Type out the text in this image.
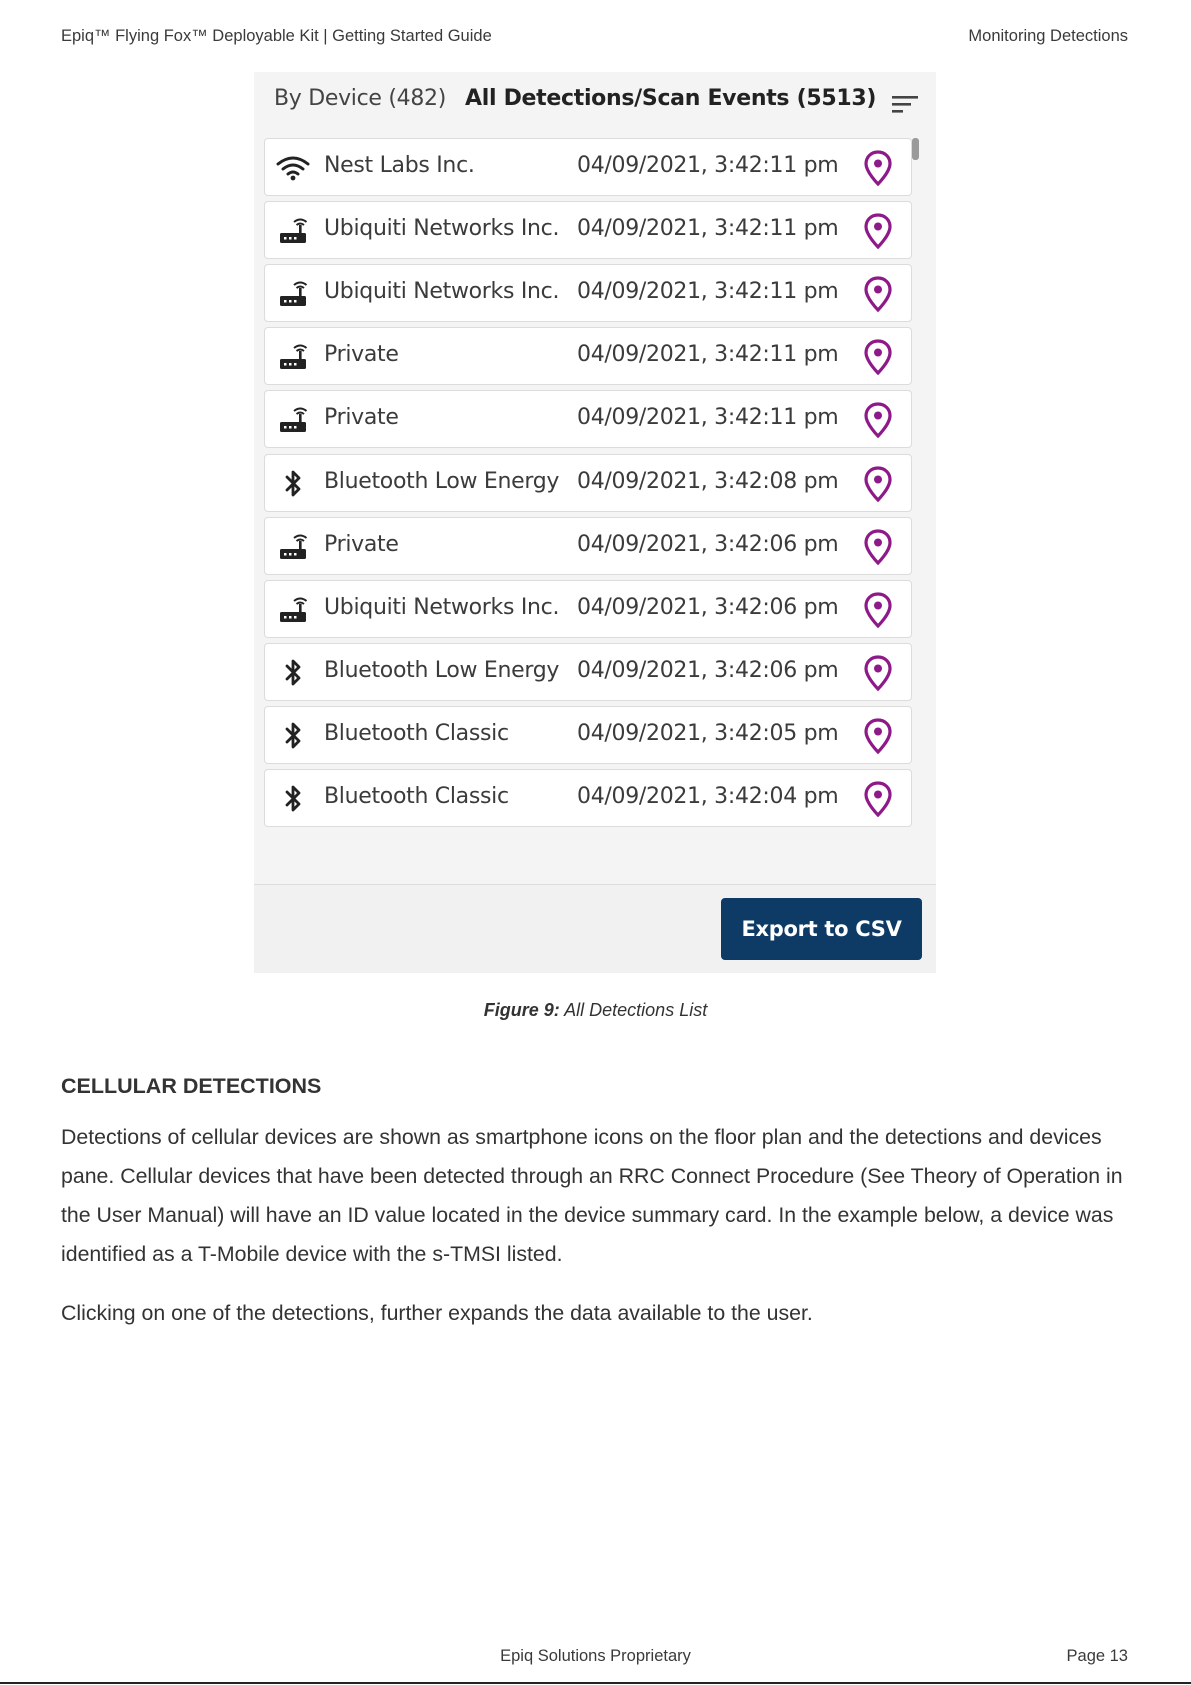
Epiq™ Flying Fox™ Deployable Kit | Getting Started Guide	Monitoring Detections
By Device (482) All Detections/Scan Events (5513)
Nest Labs Inc.	04/09/2021, 3:42:11 pm
Ubiquiti Networks Inc. 04/09/2021, 3:42:11 pm
Ubiquiti Networks Inc. 04/09/2021, 3:42:11 pm
Private	04/09/2021, 3:42:11 pm
Private	04/09/2021, 3:42:11 pm
Bluetooth Low Energy 04/09/2021, 3:42:08 pm
Private	04/09/2021, 3:42:06 pm
Ubiquiti Networks Inc. 04/09/2021, 3:42:06 pm
Bluetooth Low Energy 04/09/2021, 3:42:06 pm
Bluetooth Classic	04/09/2021, 3:42:05 pm
Bluetooth Classic	04/09/2021, 3:42:04 pm
Export to CSV
Figure 9: All Detections List
CELLULAR DETECTIONS

Detections of cellular devices are shown as smartphone icons on the floor plan and the detections and devices pane. Cellular devices that have been detected through an RRC Connect Procedure (See Theory of Operation in the User Manual) will have an ID value located in the device summary card. In the example below, a device was identified as a T-Mobile device with the s-TMSI listed.

Clicking on one of the detections, further expands the data available to the user.

Epiq Solutions Proprietary	Page 13
